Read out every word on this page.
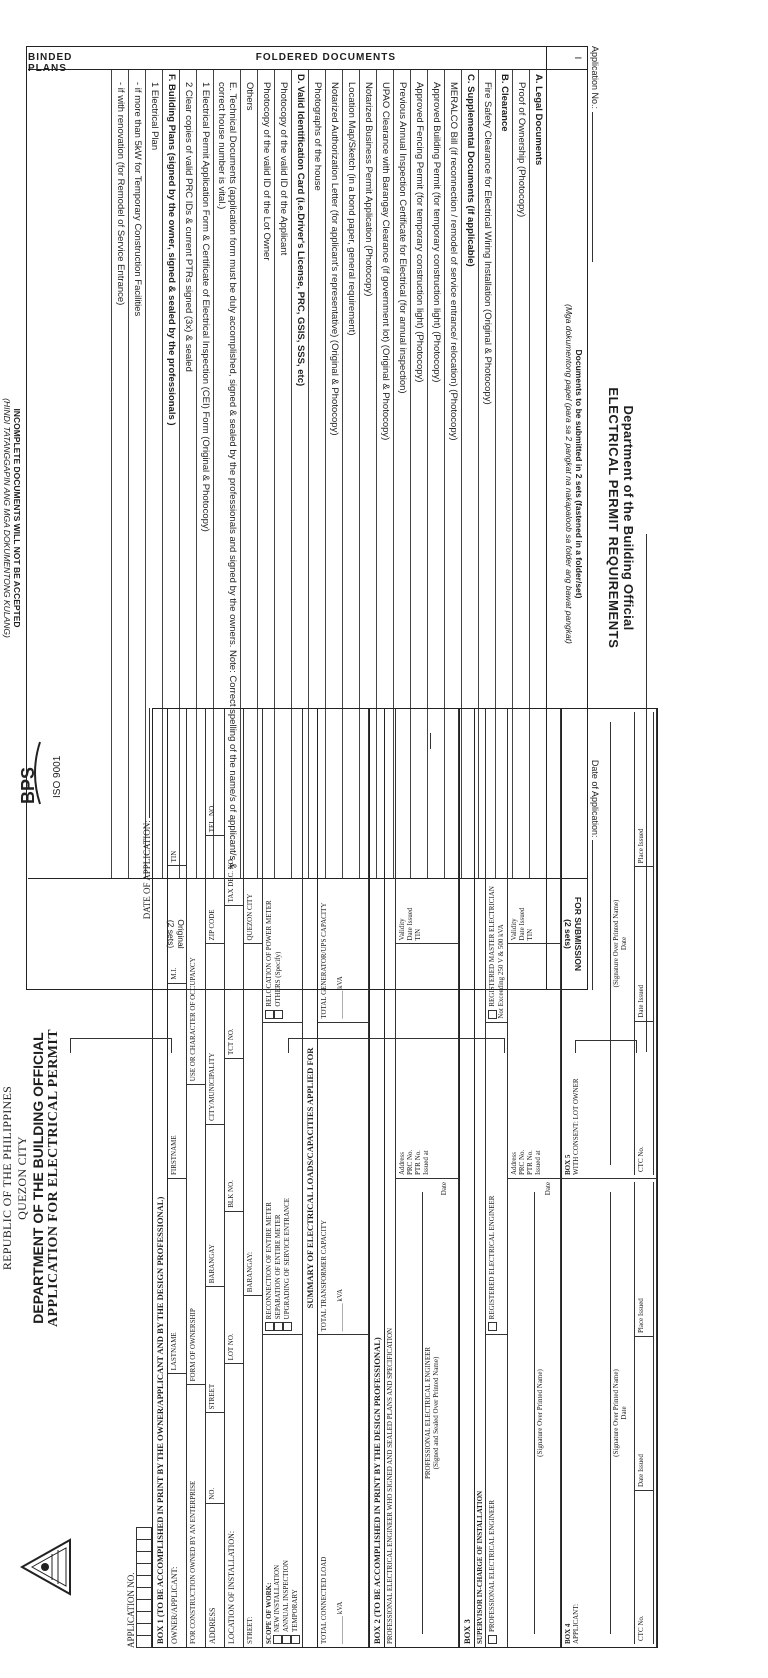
Department of the Building Official
ELECTRICAL PERMIT REQUIREMENTS
Application No.:
Date of Application:
I
Documents to be submitted in 2 sets (fastened in a folder/set)
(Mga dokumentong papel (para sa 2 pangkat na nakapaloob sa folder ang bawat pangkat)
FOR SUBMISSION
(2 sets)
FOLDERED DOCUMENTS
BINDED PLANS
A. Legal Documents
Proof of Ownership (Photocopy)
B. Clearance
Fire Safety Clearance for Electrical Wiring Installation (Original & Photocopy)
C. Supplemental Documents (if applicable)
MERALCO Bill (if reconnection / remodel of service entrance/ relocation) (Photocopy)
Approved Building Permit (for temporary construction light) (Photocopy)
Approved Fencing Permit (for temporary construction light) (Photocopy)
Previous Annual Inspection Certificate for Electrical (for annual inspection)
UPAO Clearance with Barangay Clearance (if government lot) (Original & Photocopy)
Notarized Business Permit Application (Photocopy)
Location Map/Sketch (in a bond paper, general requirement)
Notarized Authorization Letter (for applicant's representative) (Original & Photocopy)
Photographs of the house
D. Valid Identification Card (i.e.Driver's License, PRC, GSIS, SSS, etc)
Photocopy of the valid ID of the Applicant
Photocopy of the valid ID of the Lot Owner
Others
E. Technical Documents (application form must be duly accomplished, signed & sealed by the professionals and signed by the owners. Note: Correct spelling of the name/s of applicant/s & correct house number is vital.)
1 Electrical Permit Application Form & Certificate of Electrical Inspection (CEI) Form (Original & Photocopy)
2 Clear copies of valid PRC IDs & current PTRs signed (3x) & sealed
F. Building Plans (signed by the owner, signed & sealed by the professionals )
1 Electrical Plan
- if more than 5kW for Temporary Construction Facilities
- if with renovation (for Remodel of Service Entrance)
Original
(2 sets)
INCOMPLETE DOCUMENTS WILL NOT BE ACCEPTED
(HINDI TATANGGAPIN ANG MGA DOKUMENTONG KULANG)
REPUBLIC OF THE PHILIPPINES QUEZON CITY DEPARTMENT OF THE BUILDING OFFICIAL APPLICATION FOR ELECTRICAL PERMIT
BPS ISO 9001
APPLICATION NO.
DATE OF APPLICATION:
BOX 1 (TO BE ACCOMPLISHED IN PRINT BY THE OWNER/APPLICANT AND BY THE DESIGN PROFESSIONAL) OWNER/APPLICANT:
LASTNAME
FIRSTNAME
M.I.
TIN
FOR CONSTRUCTION OWNED BY AN ENTERPRISE
FORM OF OWNERSHIP
USE OR CHARACTER OF OCCUPANCY
ADDRESS
NO.
STREET
BARANGAY
CITY/MUNICIPALITY
ZIP CODE
TEL. NO.
LOCATION OF INSTALLATION:
LOT NO.
BLK NO.
TCT NO.
TAX DEC. NO.
STREET:
BARANGAY:
QUEZON CITY
SCOPE OF WORK: NEW INSTALLATION ANNUAL INSPECTION TEMPORARY
RECONNECTION OF ENTIRE METER SEPARATION OF ENTIRE METER UPGRADING OF SERVICE ENTRANCE
RELOCATION OF POWER METER OTHERS (Specify)
SUMMARY OF ELECTRICAL LOADS/CAPACITIES APPLIED FOR
TOTAL CONNECTED LOAD ________ kVA
TOTAL TRANSFORMER CAPACITY ________ kVA
TOTAL GENERATOR/UPS CAPACITY ________ kVA
BOX 2 (TO BE ACCOMPLISHED IN PRINT BY THE DESIGN PROFESSIONAL) PROFESSIONAL ELECTRICAL ENGINEER WHO SIGNED AND SEALED PLANS AND SPECIFICATION	PROFESSIONAL ELECTRICAL ENGINEER (Signed and Sealed Over Printed Name)
Date
Address PRC No. PTR No. Issued at
Validity Date Issued TIN
BOX 3 SUPERVISOR IN-CHARGE OF INSTALLATION PROFESSIONAL ELECTRICAL ENGINEER
REGISTERED ELECTRICAL ENGINEER
REGISTERED MASTER ELECTRICIAN
Not Exceeding 250 V & 500 kVA
(Signature Over Printed Name)
Date
Address PRC No. PTR No. Issued at
Validity Date Issued TIN
BOX 4 APPLICANT:
(Signature Over Printed Name) Date
CTC No.
Date Issued
Place Issued
BOX 5 WITH CONSENT: LOT OWNER
(Signature Over Printed Name) Date
CTC No.
Date Issued
Place Issued
